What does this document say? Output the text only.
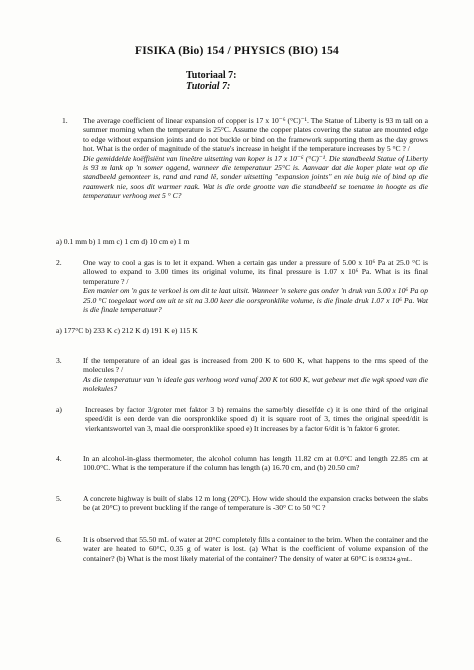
FISIKA (Bio) 154 / PHYSICS (BIO) 154
Tutoriaal 7:
Tutorial 7:
1. The average coefficient of linear expansion of copper is 17 x 10⁻⁶ (°C)⁻¹. The Statue of Liberty is 93 m tall on a summer morning when the temperature is 25°C. Assume the copper plates covering the statue are mounted edge to edge without expansion joints and do not buckle or bind on the framework supporting them as the day grows hot. What is the order of magnitude of the statue's increase in height if the temperature increases by 5 °C ? /
Die gemiddelde koëffisiënt van lineêtre uitsetting van koper is 17 x 10⁻⁶ (°C)⁻¹. Die standbeeld Statue of Liberty is 93 m lank op 'n somer oggend, wanneer die temperatuur 25°C is. Aanvaar dat die koper plate wat op die standbeeld gemonteer is, rand and rand lê, sonder uitsetting "expansion joints" en nie buig nie of bind op die raamwerk nie, soos dit warmer raak. Wat is die orde grootte van die standbeeld se toename in hoogte as die temperatuur verhoog met 5 ° C?
a) 0.1 mm b) 1 mm c) 1 cm d) 10 cm e) 1 m
2.	One way to cool a gas is to let it expand. When a certain gas under a pressure of 5.00 x 10⁶ Pa at 25.0 °C is allowed to expand to 3.00 times its original volume, its final pressure is 1.07 x 10⁶ Pa. What is its final temperature ? /
Een manier om 'n gas te verkoel is om dit te laat uitsit. Wanneer 'n sekere gas onder 'n druk van 5.00 x 10⁶ Pa op 25.0 °C toegelaat word om uit te sit na 3.00 keer die oorspronklike volume, is die finale druk 1.07 x 10⁶ Pa. Wat is die finale temperatuur?
a) 177°C b) 233 K c) 212 K d) 191 K e) 115 K
3.	If the temperature of an ideal gas is increased from 200 K to 600 K, what happens to the rms speed of the molecules ? /
As die temperatuur van 'n ideale gas verhoog word vanaf 200 K tot 600 K, wat gebeur met die wgk spoed van die molekules?
a)	Increases by factor 3/groter met faktor 3 b) remains the same/bly dieselfde c) it is one third of the original speed/dit is een derde van die oorspronklike spoed d) it is square root of 3, times the original speed/dit is vierkantswortel van 3, maal die oorspronklike spoed e) It increases by a factor 6/dit is 'n faktor 6 groter.
4.	In an alcohol-in-glass thermometer, the alcohol column has length 11.82 cm at 0.0°C and length 22.85 cm at 100.0°C. What is the temperature if the column has length (a) 16.70 cm, and (b) 20.50 cm?
5.	A concrete highway is built of slabs 12 m long (20°C). How wide should the expansion cracks between the slabs be (at 20°C) to prevent buckling if the range of temperature is -30° C to 50 °C ?
6.	It is observed that 55.50 mL of water at 20°C completely fills a container to the brim. When the container and the water are heated to 60°C, 0.35 g of water is lost. (a) What is the coefficient of volume expansion of the container? (b) What is the most likely material of the container? The density of water at 60°C is 0.98324 g/mL.
